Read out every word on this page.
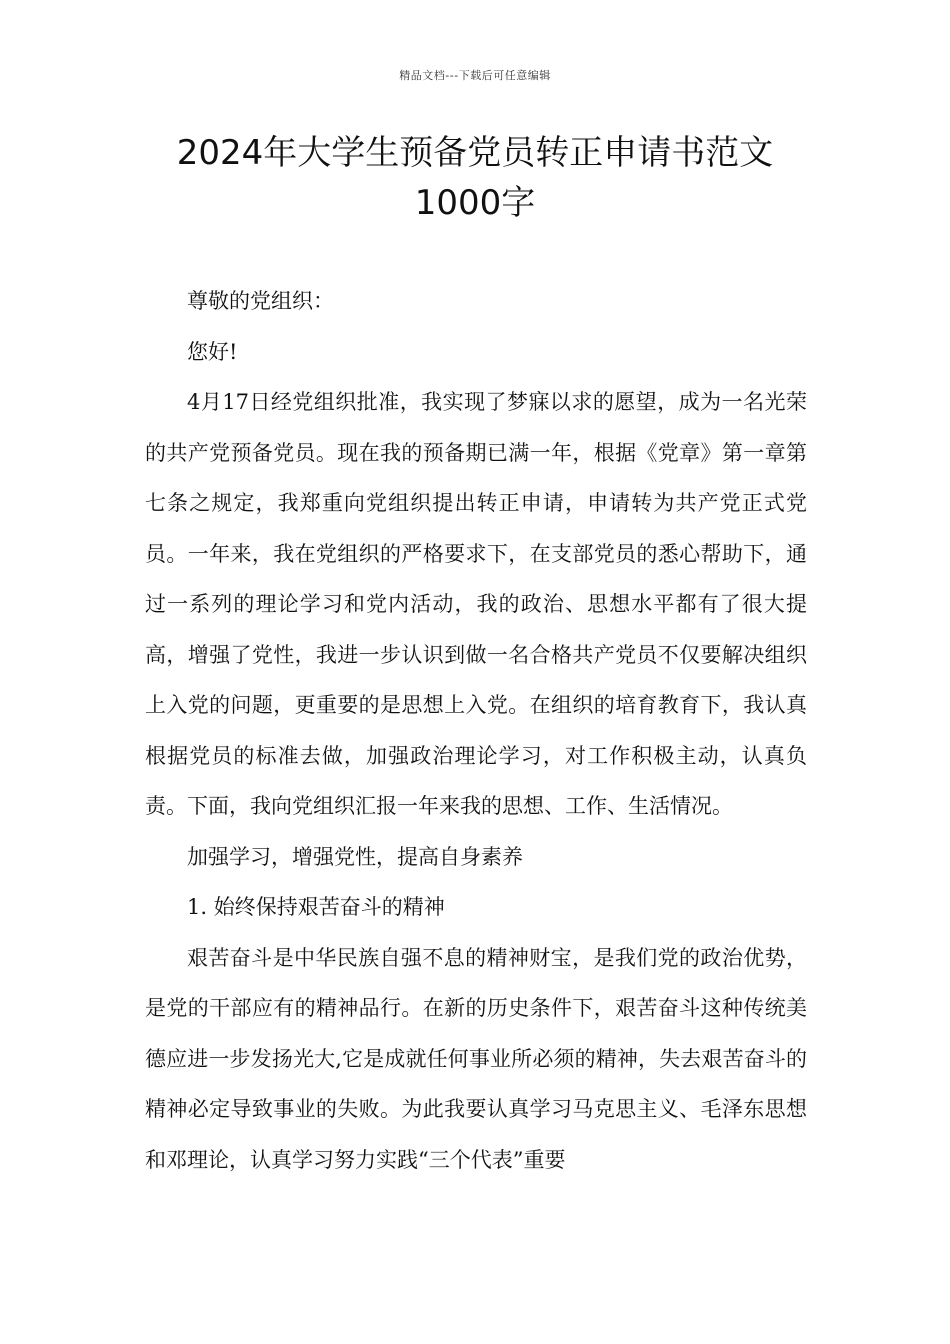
精品文档---下载后可任意编辑
2024年大学生预备党员转正申请书范文
1000字

尊敬的党组织：

您好!

4月17日经党组织批准，我实现了梦寐以求的愿望，成为一名光荣的共产党预备党员。现在我的预备期已满一年，根据《党章》第一章第七条之规定，我郑重向党组织提出转正申请，申请转为共产党正式党员。一年来，我在党组织的严格要求下，在支部党员的悉心帮助下，通过一系列的理论学习和党内活动，我的政治、思想水平都有了很大提高，增强了党性，我进一步认识到做一名合格共产党员不仅要解决组织上入党的问题，更重要的是思想上入党。在组织的培育教育下，我认真根据党员的标准去做，加强政治理论学习，对工作积极主动，认真负责。下面，我向党组织汇报一年来我的思想、工作、生活情况。

加强学习，增强党性，提高自身素养

1. 始终保持艰苦奋斗的精神

艰苦奋斗是中华民族自强不息的精神财宝，是我们党的政治优势，是党的干部应有的精神品行。在新的历史条件下，艰苦奋斗这种传统美德应进一步发扬光大,它是成就任何事业所必须的精神，失去艰苦奋斗的精神必定导致事业的失败。为此我要认真学习马克思主义、毛泽东思想和邓理论，认真学习努力实践“三个代表”重要
